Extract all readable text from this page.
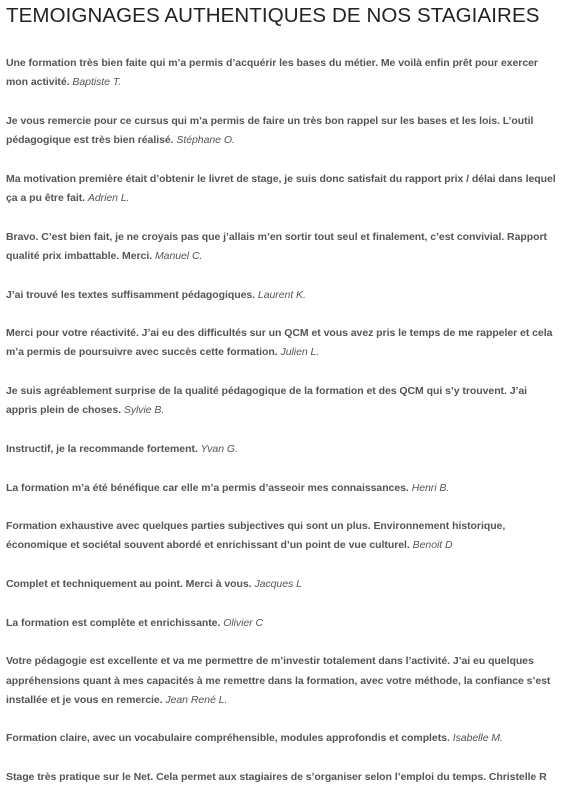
TEMOIGNAGES AUTHENTIQUES DE NOS STAGIAIRES

Une formation très bien faite qui m’a permis d’acquérir les bases du métier. Me voilà enfin prêt pour exercer mon activité. Baptiste T.

Je vous remercie pour ce cursus qui m’a permis de faire un très bon rappel sur les bases et les lois. L’outil pédagogique est très bien réalisé. Stéphane O.

Ma motivation première était d’obtenir le livret de stage, je suis donc satisfait du rapport prix / délai dans lequel ça a pu être fait. Adrien L.

Bravo. C’est bien fait, je ne croyais pas que j’allais m’en sortir tout seul et finalement, c’est convivial. Rapport qualité prix imbattable. Merci. Manuel C.

J’ai trouvé les textes suffisamment pédagogiques. Laurent K.

Merci pour votre réactivité. J’ai eu des difficultés sur un QCM et vous avez pris le temps de me rappeler et cela m’a permis de poursuivre avec succès cette formation. Julien L.

Je suis agréablement surprise de la qualité pédagogique de la formation et des QCM qui s’y trouvent. J’ai appris plein de choses. Sylvie B.

Instructif, je la recommande fortement. Yvan G.

La formation m’a été bénéfique car elle m’a permis d’asseoir mes connaissances. Henri B.

Formation exhaustive avec quelques parties subjectives qui sont un plus. Environnement historique, économique et sociétal souvent abordé et enrichissant d’un point de vue culturel. Benoit D

Complet et techniquement au point. Merci à vous. Jacques L

La formation est complète et enrichissante. Olivier C

Votre pédagogie est excellente et va me permettre de m’investir totalement dans l’activité. J’ai eu quelques appréhensions quant à mes capacités à me remettre dans la formation, avec votre méthode, la confiance s’est installée et je vous en remercie. Jean René L.

Formation claire, avec un vocabulaire compréhensible, modules approfondis et complets. Isabelle M.

Stage très pratique sur le Net. Cela permet aux stagiaires de s’organiser selon l’emploi du temps. Christelle R
